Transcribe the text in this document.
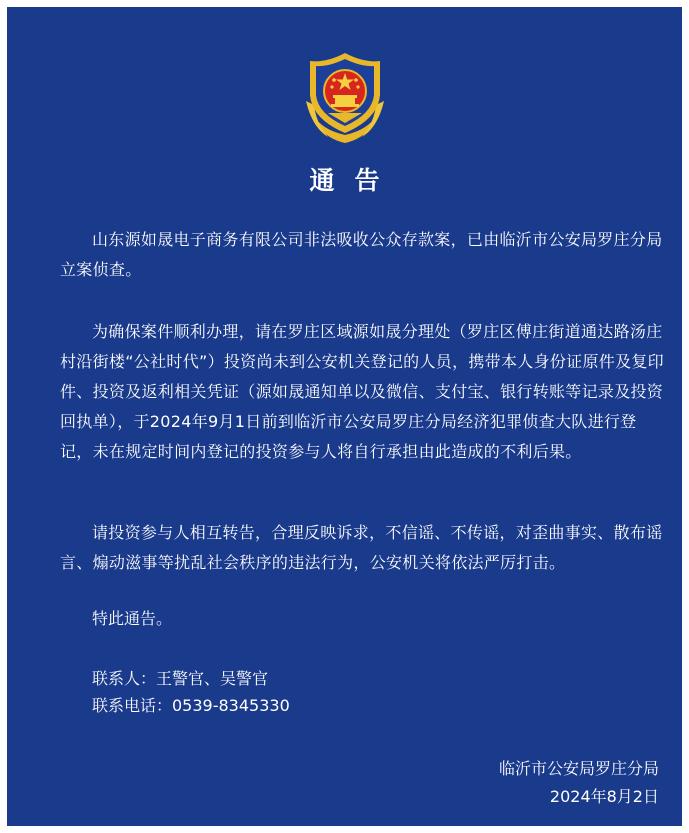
通告
山东源如晟电子商务有限公司非法吸收公众存款案，已由临沂市公安局罗庄分局立案侦查。
为确保案件顺利办理，请在罗庄区域源如晟分理处（罗庄区傅庄街道通达路汤庄村沿街楼“公社时代”）投资尚未到公安机关登记的人员，携带本人身份证原件及复印件、投资及返利相关凭证（源如晟通知单以及微信、支付宝、银行转账等记录及投资回执单），于2024年9月1日前到临沂市公安局罗庄分局经济犯罪侦查大队进行登记，未在规定时间内登记的投资参与人将自行承担由此造成的不利后果。
请投资参与人相互转告，合理反映诉求，不信谣、不传谣，对歪曲事实、散布谣言、煽动滋事等扰乱社会秩序的违法行为，公安机关将依法严厉打击。
特此通告。
联系人：王警官、吴警官
联系电话：0539-8345330
临沂市公安局罗庄分局
2024年8月2日
